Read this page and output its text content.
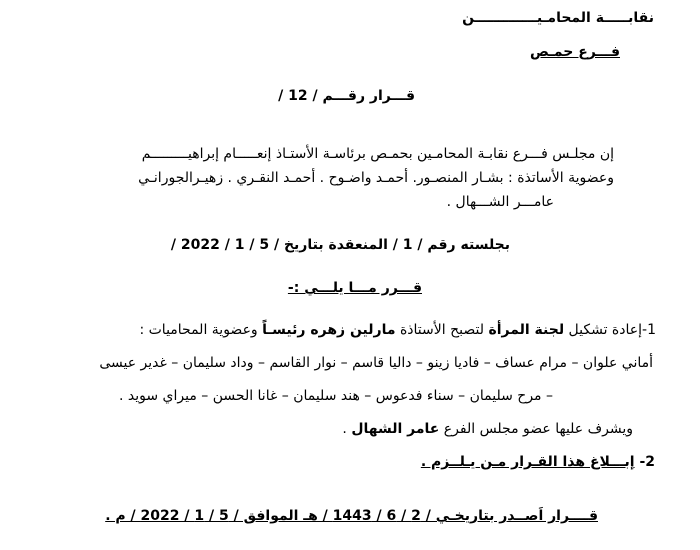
نقابـــــة المحامـيـــــــــــــن
فـــرع حمـص
قـــرار رقـــم / 12 /
إن مجلـس فـــرع نقابـة المحامـين بحمـص برئاسـة الأستـاذ إنعـــــام إبراهيـــــــــم
وعضوية الأساتذة : بشـار المنصـور. أحمـد واضـوح . أحمـد النقـري . زهيـرالجورانـي
عامـــر الشـــهال .
بجلسته رقم / 1 / المنعقدة بتاريخ / 5 / 1 / 2022 /
قـــرر مـــا يلـــي :-
1-إعادة تشكيل لجنة المرأة لتصبح الأستاذة مارلين زهره رئيسـاً وعضوية المحاميات :
أماني علوان – مرام عساف – فاديا زينو – داليا قاسم – نوار القاسم – وداد سليمان – غدير عيسى
– مرح سليمان – سناء فدعوس – هند سليمان – غانا الحسن – ميراي سويد .
ويشرف عليها عضو مجلس الفرع عامر الشهال .
2- إبـــلاغ هذا القـرار مـن يـلــزم .
قــــرار اَصــدر بتاريخـي / 2 / 6 / 1443 / هـ الموافق / 5 / 1 / 2022 / م .
